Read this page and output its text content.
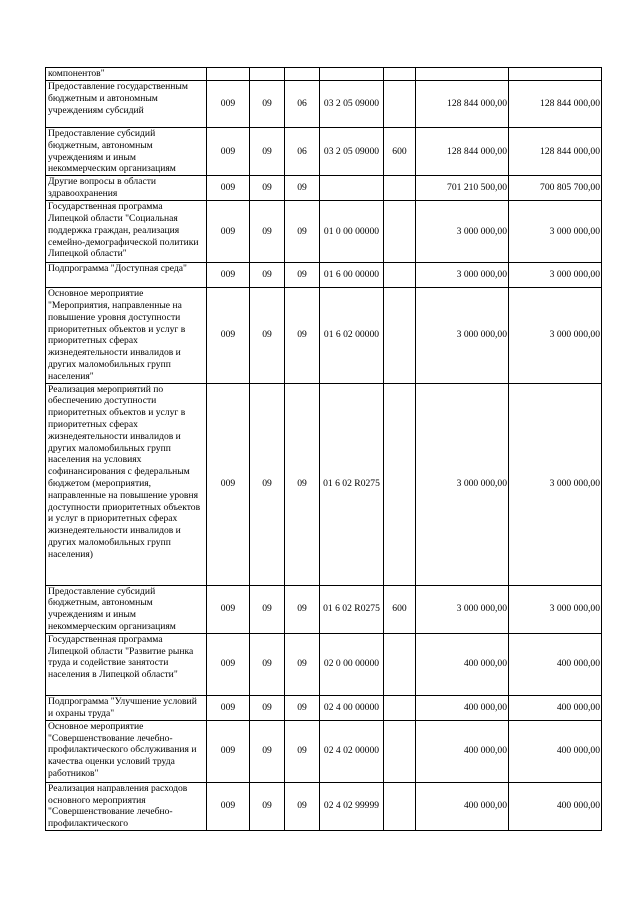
компонентов"							
Предоставление государственным бюджетным и автономным учреждениям субсидий	009	09	06	03 2 05 09000		128 844 000,00	128 844 000,00
Предоставление субсидий бюджетным, автономным учреждениям и иным некоммерческим организациям	009	09	06	03 2 05 09000	600	128 844 000,00	128 844 000,00
Другие вопросы в области здравоохранения	009	09	09			701 210 500,00	700 805 700,00
Государственная программа Липецкой области "Социальная поддержка граждан, реализация семейно-демографической политики Липецкой области"	009	09	09	01 0 00 00000		3 000 000,00	3 000 000,00
Подпрограмма "Доступная среда"	009	09	09	01 6 00 00000		3 000 000,00	3 000 000,00
Основное мероприятие "Мероприятия, направленные на повышение уровня доступности приоритетных объектов и услуг в приоритетных сферах жизнедеятельности инвалидов и других маломобильных групп населения"	009	09	09	01 6 02 00000		3 000 000,00	3 000 000,00
Реализация мероприятий по обеспечению доступности приоритетных объектов и услуг в приоритетных сферах жизнедеятельности инвалидов и других маломобильных групп населения на условиях софинансирования с федеральным бюджетом (мероприятия, направленные на повышение уровня доступности приоритетных объектов и услуг в приоритетных сферах жизнедеятельности инвалидов и других маломобильных групп населения)	009	09	09	01 6 02 R0275		3 000 000,00	3 000 000,00
Предоставление субсидий бюджетным, автономным учреждениям и иным некоммерческим организациям	009	09	09	01 6 02 R0275	600	3 000 000,00	3 000 000,00
Государственная программа Липецкой области "Развитие рынка труда и содействие занятости населения в Липецкой области"	009	09	09	02 0 00 00000		400 000,00	400 000,00
Подпрограмма "Улучшение условий и охраны труда"	009	09	09	02 4 00 00000		400 000,00	400 000,00
Основное мероприятие "Совершенствование лечебно-профилактического обслуживания и качества оценки условий труда работников"	009	09	09	02 4 02 00000		400 000,00	400 000,00
Реализация направления расходов основного мероприятия "Совершенствование лечебно-профилактического	009	09	09	02 4 02 99999		400 000,00	400 000,00
